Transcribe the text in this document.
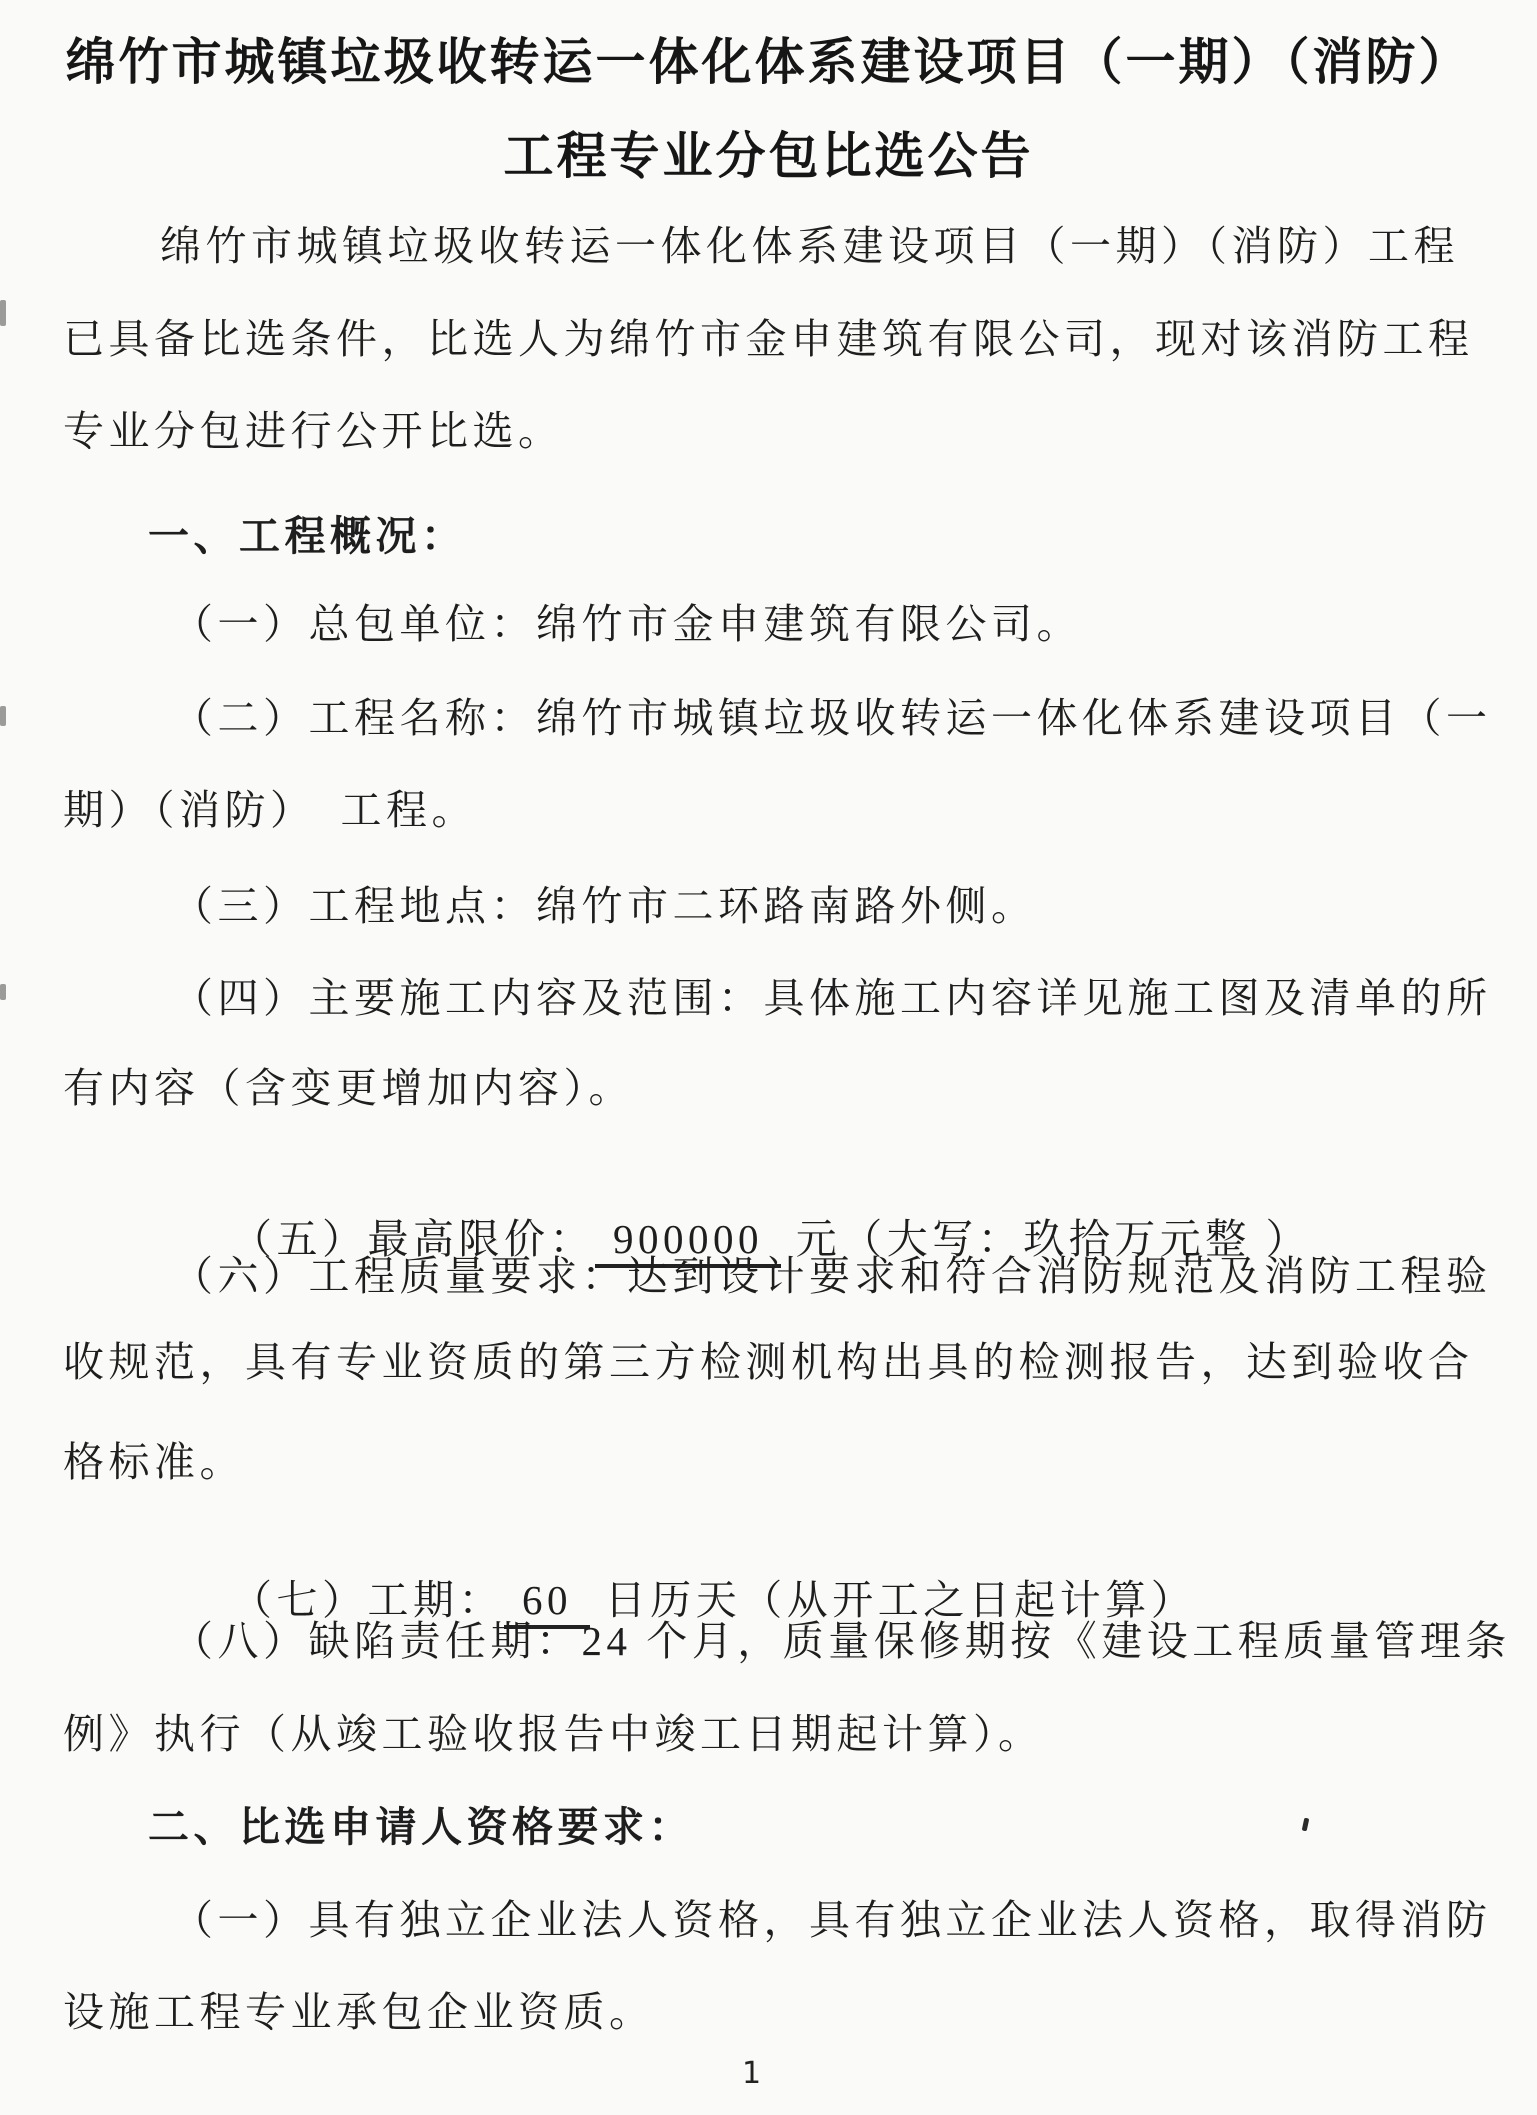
绵竹市城镇垃圾收转运一体化体系建设项目（一期）（消防）
工程专业分包比选公告
绵竹市城镇垃圾收转运一体化体系建设项目（一期）（消防）工程
已具备比选条件，比选人为绵竹市金申建筑有限公司，现对该消防工程
专业分包进行公开比选。
一、工程概况：
（一）总包单位：绵竹市金申建筑有限公司。
（二）工程名称：绵竹市城镇垃圾收转运一体化体系建设项目（一
期）（消防）　工程。
（三）工程地点：绵竹市二环路南路外侧。
（四）主要施工内容及范围：具体施工内容详见施工图及清单的所
有内容（含变更增加内容）。

（五）最高限价： 900000 元（大写：玖拾万元整 ）

（六）工程质量要求：达到设计要求和符合消防规范及消防工程验
收规范，具有专业资质的第三方检测机构出具的检测报告，达到验收合
格标准。

（七）工期： 60 日历天（从开工之日起计算）

（八）缺陷责任期：24 个月，质量保修期按《建设工程质量管理条
例》执行（从竣工验收报告中竣工日期起计算）。
二、比选申请人资格要求：
（一）具有独立企业法人资格，具有独立企业法人资格，取得消防
设施工程专业承包企业资质。
1
